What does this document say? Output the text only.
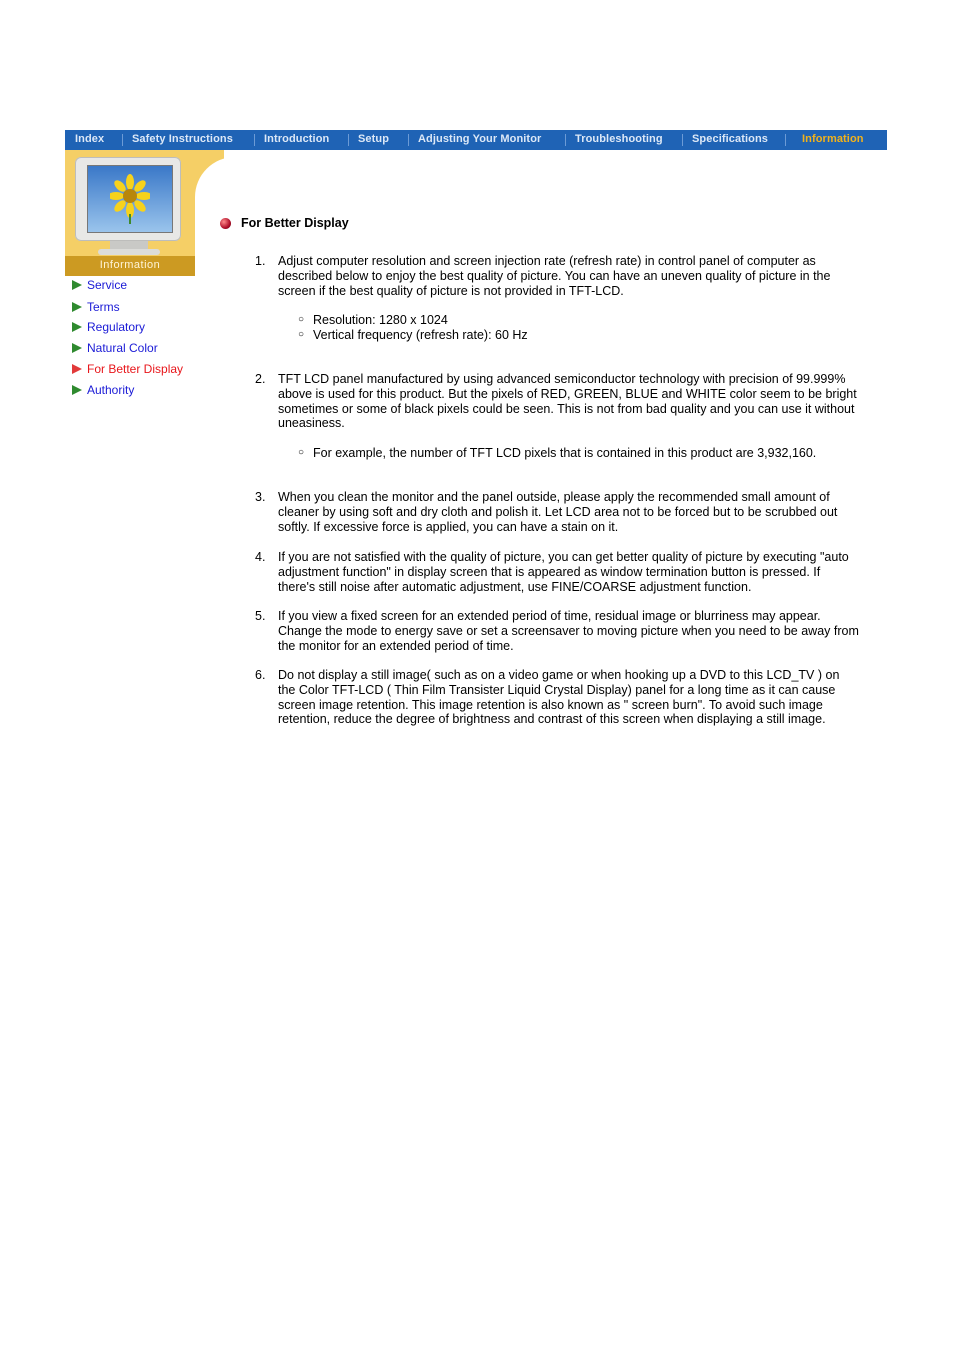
Index	Safety Instructions	Introduction	Setup	Adjusting Your Monitor	Troubleshooting	Specifications	Information
Information
Service
Terms
Regulatory
Natural Color
For Better Display
Authority
For Better Display
1.	Adjust computer resolution and screen injection rate (refresh rate) in control panel of computer as described below to enjoy the best quality of picture. You can have an uneven quality of picture in the screen if the best quality of picture is not provided in TFT-LCD.
○ Resolution: 1280 x 1024
○ Vertical frequency (refresh rate): 60 Hz
2.	TFT LCD panel manufactured by using advanced semiconductor technology with precision of 99.999% above is used for this product. But the pixels of RED, GREEN, BLUE and WHITE color seem to be bright sometimes or some of black pixels could be seen. This is not from bad quality and you can use it without uneasiness.
○ For example, the number of TFT LCD pixels that is contained in this product are 3,932,160.
3.	When you clean the monitor and the panel outside, please apply the recommended small amount of cleaner by using soft and dry cloth and polish it. Let LCD area not to be forced but to be scrubbed out softly. If excessive force is applied, you can have a stain on it.
4.	If you are not satisfied with the quality of picture, you can get better quality of picture by executing "auto adjustment function" in display screen that is appeared as window termination button is pressed. If there's still noise after automatic adjustment, use FINE/COARSE adjustment function.
5.	If you view a fixed screen for an extended period of time, residual image or blurriness may appear. Change the mode to energy save or set a screensaver to moving picture when you need to be away from the monitor for an extended period of time.
6.	Do not display a still image( such as on a video game or when hooking up a DVD to this LCD_TV ) on the Color TFT-LCD ( Thin Film Transister Liquid Crystal Display) panel for a long time as it can cause screen image retention. This image retention is also known as " screen burn". To avoid such image retention, reduce the degree of brightness and contrast of this screen when displaying a still image.
